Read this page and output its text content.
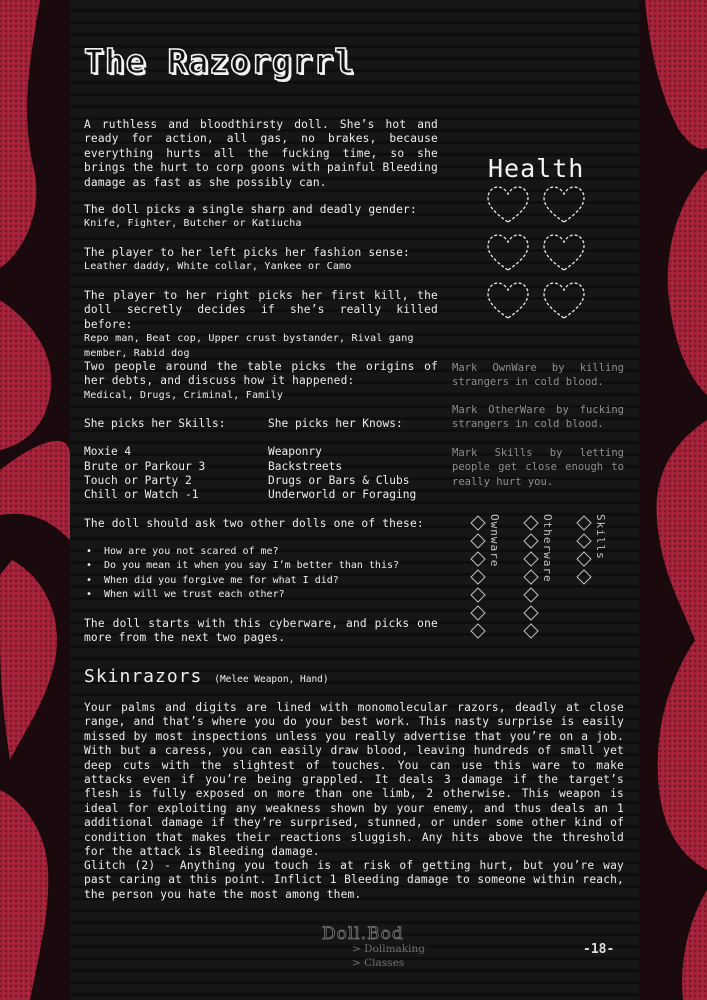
The Razorgrrl
A ruthless and bloodthirsty doll. She’s hot and ready for action, all gas, no brakes, because everything hurts all the fucking time, so she brings the hurt to corp goons with painful Bleeding damage as fast as she possibly can.
The doll picks a single sharp and deadly gender:
Knife, Fighter, Butcher or Katiucha
The player to her left picks her fashion sense:
Leather daddy, White collar, Yankee or Camo
The player to her right picks her first kill, the doll secretly decides if she’s really killed before:
Repo man, Beat cop, Upper crust bystander, Rival gang member, Rabid dog
Two people around the table picks the origins of her debts, and discuss how it happened:
Medical, Drugs, Criminal, Family
She picks her Skills:
Moxie 4
Brute or Parkour 3
Touch or Party 2
Chill or Watch -1
She picks her Knows:
Weaponry
Backstreets
Drugs or Bars & Clubs
Underworld or Foraging
The doll should ask two other dolls one of these:
• How are you not scared of me?
• Do you mean it when you say I’m better than this?
• When did you forgive me for what I did?
• When will we trust each other?
The doll starts with this cyberware, and picks one more from the next two pages.
Health
Mark OwnWare by killing strangers in cold blood.
Mark OtherWare by fucking strangers in cold blood.
Mark Skills by letting people get close enough to really hurt you.
Ownware	Otherware	Skills
Skinrazors (Melee Weapon, Hand)
Your palms and digits are lined with monomolecular razors, deadly at close range, and that’s where you do your best work. This nasty surprise is easily missed by most inspections unless you really advertise that you’re on a job. With but a caress, you can easily draw blood, leaving hundreds of small yet deep cuts with the slightest of touches. You can use this ware to make attacks even if you’re being grappled. It deals 3 damage if the target’s flesh is fully exposed on more than one limb, 2 otherwise. This weapon is ideal for exploiting any weakness shown by your enemy, and thus deals an 1 additional damage if they’re surprised, stunned, or under some other kind of condition that makes their reactions sluggish. Any hits above the threshold for the attack is Bleeding damage.
Glitch (2) - Anything you touch is at risk of getting hurt, but you’re way past caring at this point. Inflict 1 Bleeding damage to someone within reach, the person you hate the most among them.
Doll.Bod
> Dollmaking
> Classes
-18-
